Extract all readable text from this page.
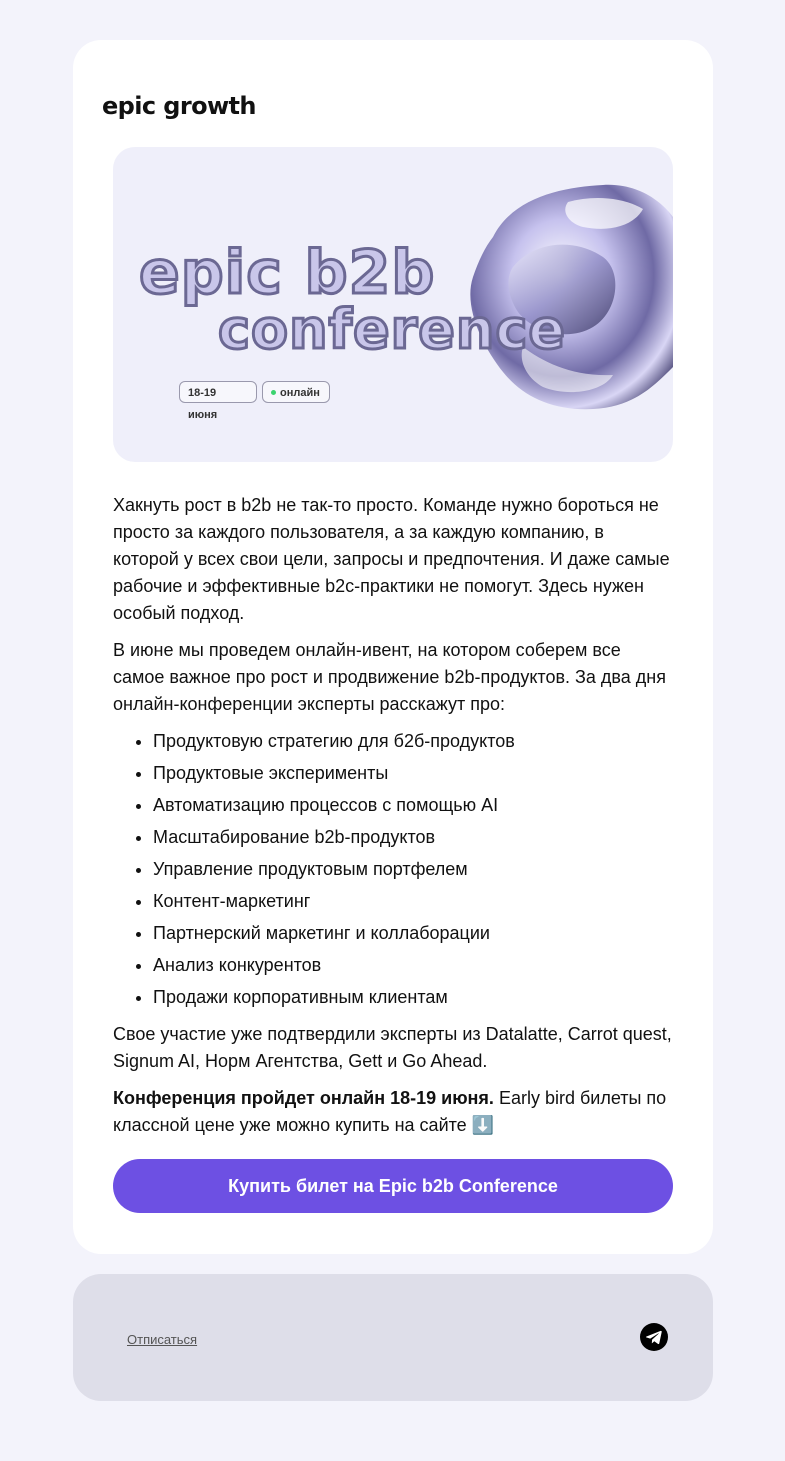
epic growth
epic b2b
conference
18-19 июня
онлайн

Хакнуть рост в b2b не так-то просто. Команде нужно бороться не просто за каждого пользователя, а за каждую компанию, в которой у всех свои цели, запросы и предпочтения. И даже самые рабочие и эффективные b2c-практики не помогут. Здесь нужен особый подход.

В июне мы проведем онлайн-ивент, на котором соберем все самое важное про рост и продвижение b2b-продуктов. За два дня онлайн-конференции эксперты расскажут про:

• Продуктовую стратегию для б2б-продуктов
• Продуктовые эксперименты
• Автоматизацию процессов с помощью AI
• Масштабирование b2b-продуктов
• Управление продуктовым портфелем
• Контент-маркетинг
• Партнерский маркетинг и коллаборации
• Анализ конкурентов
• Продажи корпоративным клиентам

Свое участие уже подтвердили эксперты из Datalatte, Carrot quest, Signum AI, Норм Агентства, Gett и Go Ahead.

Конференция пройдет онлайн 18-19 июня. Early bird билеты по классной цене уже можно купить на сайте ⬇️

Купить билет на Epic b2b Conference
Отписаться
